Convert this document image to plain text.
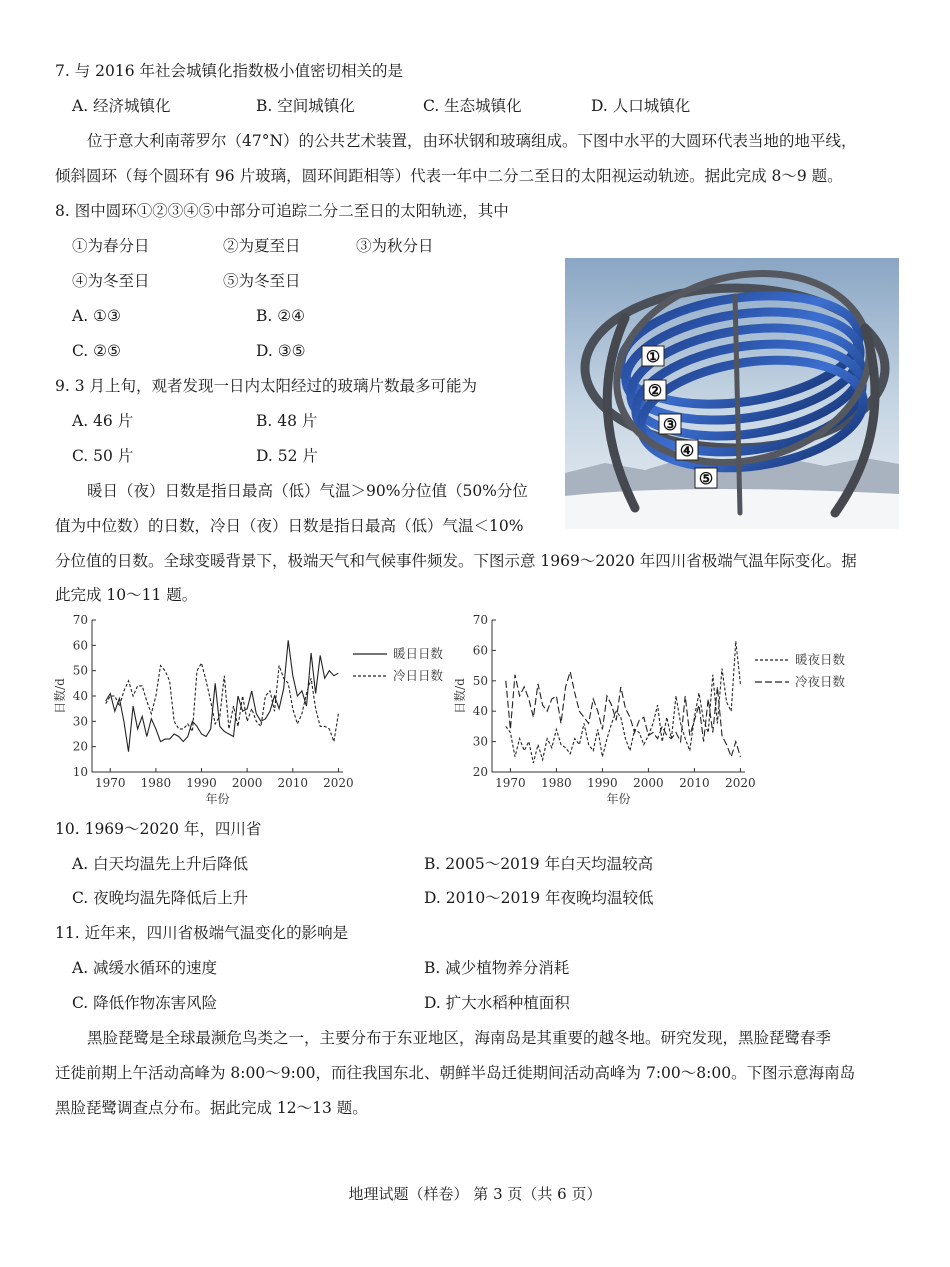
7. 与 2016 年社会城镇化指数极小值密切相关的是
A. 经济城镇化	B. 空间城镇化	C. 生态城镇化	D. 人口城镇化
位于意大利南蒂罗尔（47°N）的公共艺术装置，由环状钢和玻璃组成。下图中水平的大圆环代表当地的地平线，
倾斜圆环（每个圆环有 96 片玻璃，圆环间距相等）代表一年中二分二至日的太阳视运动轨迹。据此完成 8～9 题。
8. 图中圆环①②③④⑤中部分可追踪二分二至日的太阳轨迹，其中
①为春分日	②为夏至日	③为秋分日
④为冬至日	⑤为冬至日
A. ①③	B. ②④
C. ②⑤	D. ③⑤
9. 3 月上旬，观者发现一日内太阳经过的玻璃片数最多可能为
A. 46 片	B. 48 片
C. 50 片	D. 52 片
①
②
③
④
⑤
暖日（夜）日数是指日最高（低）气温＞90%分位值（50%分位
值为中位数）的日数，冷日（夜）日数是指日最高（低）气温＜10%
分位值的日数。全球变暖背景下，极端天气和气候事件频发。下图示意 1969～2020 年四川省极端气温年际变化。据
此完成 10～11 题。
70
60
50
40
30
20
10
1970 1980 1990 2000 2010 2020
日数/d
年份
暖日日数
冷日日数
70
60
50
40
30
20
1970 1980 1990 2000 2010 2020
日数/d
年份
暖夜日数
冷夜日数
10. 1969～2020 年，四川省
A. 白天均温先上升后降低	B. 2005～2019 年白天均温较高
C. 夜晚均温先降低后上升	D. 2010～2019 年夜晚均温较低
11. 近年来，四川省极端气温变化的影响是
A. 减缓水循环的速度	B. 减少植物养分消耗
C. 降低作物冻害风险	D. 扩大水稻种植面积
黑脸琵鹭是全球最濒危鸟类之一，主要分布于东亚地区，海南岛是其重要的越冬地。研究发现，黑脸琵鹭春季
迁徙前期上午活动高峰为 8:00～9:00，而往我国东北、朝鲜半岛迁徙期间活动高峰为 7:00～8:00。下图示意海南岛
黑脸琵鹭调查点分布。据此完成 12～13 题。
地理试题（样卷） 第 3 页（共 6 页）
